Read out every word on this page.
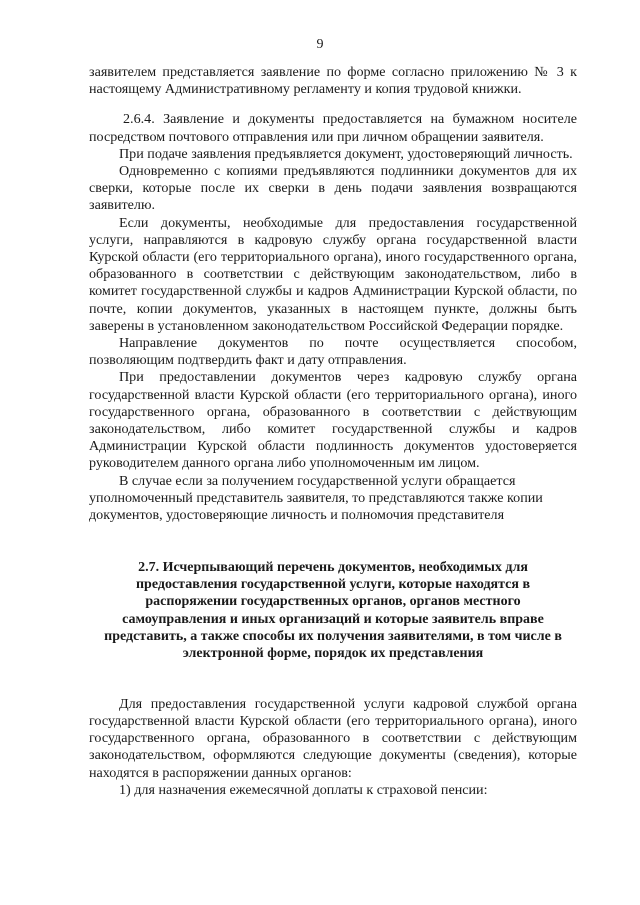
9

заявителем представляется заявление по форме согласно приложению № 3 к настоящему Административному регламенту и копия трудовой книжки.

2.6.4. Заявление и документы предоставляется на бумажном носителе посредством почтового отправления или при личном обращении заявителя.

При подаче заявления предъявляется документ, удостоверяющий личность.

Одновременно с копиями предъявляются подлинники документов для их сверки, которые после их сверки в день подачи заявления возвращаются заявителю.

Если документы, необходимые для предоставления государственной услуги, направляются в кадровую службу органа государственной власти Курской области (его территориального органа), иного государственного органа, образованного в соответствии с действующим законодательством, либо в комитет государственной службы и кадров Администрации Курской области, по почте, копии документов, указанных в настоящем пункте, должны быть заверены в установленном законодательством Российской Федерации порядке.

Направление документов по почте осуществляется способом, позволяющим подтвердить факт и дату отправления.

При предоставлении документов через кадровую службу органа государственной власти Курской области (его территориального органа), иного государственного органа, образованного в соответствии с действующим законодательством, либо комитет государственной службы и кадров Администрации Курской области подлинность документов удостоверяется руководителем данного органа либо уполномоченным им лицом.

В случае если за получением государственной услуги обращается уполномоченный представитель заявителя, то представляются также копии документов, удостоверяющие личность и полномочия представителя

2.7. Исчерпывающий перечень документов, необходимых для предоставления государственной услуги, которые находятся в распоряжении государственных органов, органов местного самоуправления и иных организаций и которые заявитель вправе представить, а также способы их получения заявителями, в том числе в электронной форме, порядок их представления

Для предоставления государственной услуги кадровой службой органа государственной власти Курской области (его территориального органа), иного государственного органа, образованного в соответствии с действующим законодательством, оформляются следующие документы (сведения), которые находятся в распоряжении данных органов:

1) для назначения ежемесячной доплаты к страховой пенсии:
